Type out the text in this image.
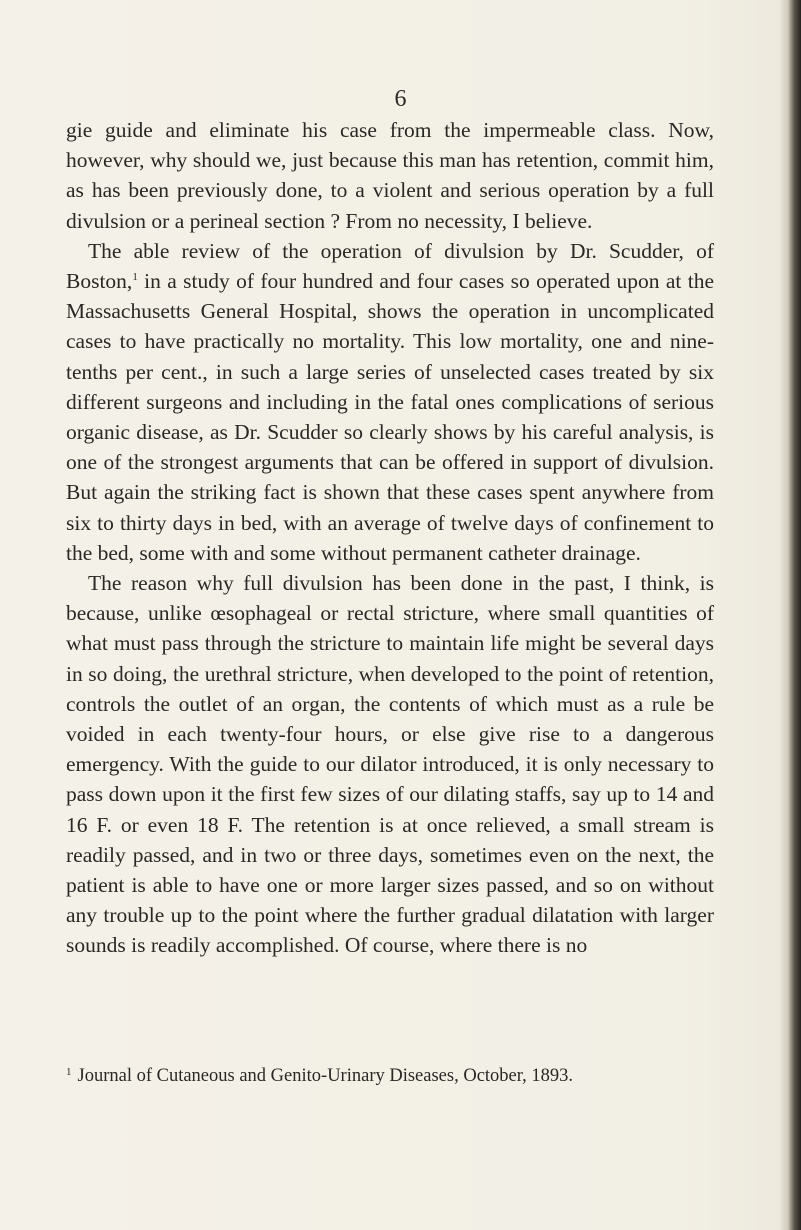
6

gie guide and eliminate his case from the impermeable class. Now, however, why should we, just because this man has retention, commit him, as has been previously done, to a violent and serious operation by a full divulsion or a perineal section ? From no necessity, I believe.

The able review of the operation of divulsion by Dr. Scudder, of Boston,$^1$ in a study of four hundred and four cases so operated upon at the Massachusetts General Hospital, shows the operation in uncomplicated cases to have practically no mortality. This low mortality, one and nine-tenths per cent., in such a large series of unselected cases treated by six different surgeons and including in the fatal ones complications of serious organic disease, as Dr. Scudder so clearly shows by his careful analysis, is one of the strongest arguments that can be offered in support of divulsion. But again the striking fact is shown that these cases spent anywhere from six to thirty days in bed, with an average of twelve days of confinement to the bed, some with and some without permanent catheter drainage.

The reason why full divulsion has been done in the past, I think, is because, unlike œsophageal or rectal stricture, where small quantities of what must pass through the stricture to maintain life might be several days in so doing, the urethral stricture, when developed to the point of retention, controls the outlet of an organ, the contents of which must as a rule be voided in each twenty-four hours, or else give rise to a dangerous emergency. With the guide to our dilator introduced, it is only necessary to pass down upon it the first few sizes of our dilating staffs, say up to 14 and 16 F. or even 18 F. The retention is at once relieved, a small stream is readily passed, and in two or three days, sometimes even on the next, the patient is able to have one or more larger sizes passed, and so on without any trouble up to the point where the further gradual dilatation with larger sounds is readily accomplished. Of course, where there is no

$^1$ Journal of Cutaneous and Genito-Urinary Diseases, October, 1893.
